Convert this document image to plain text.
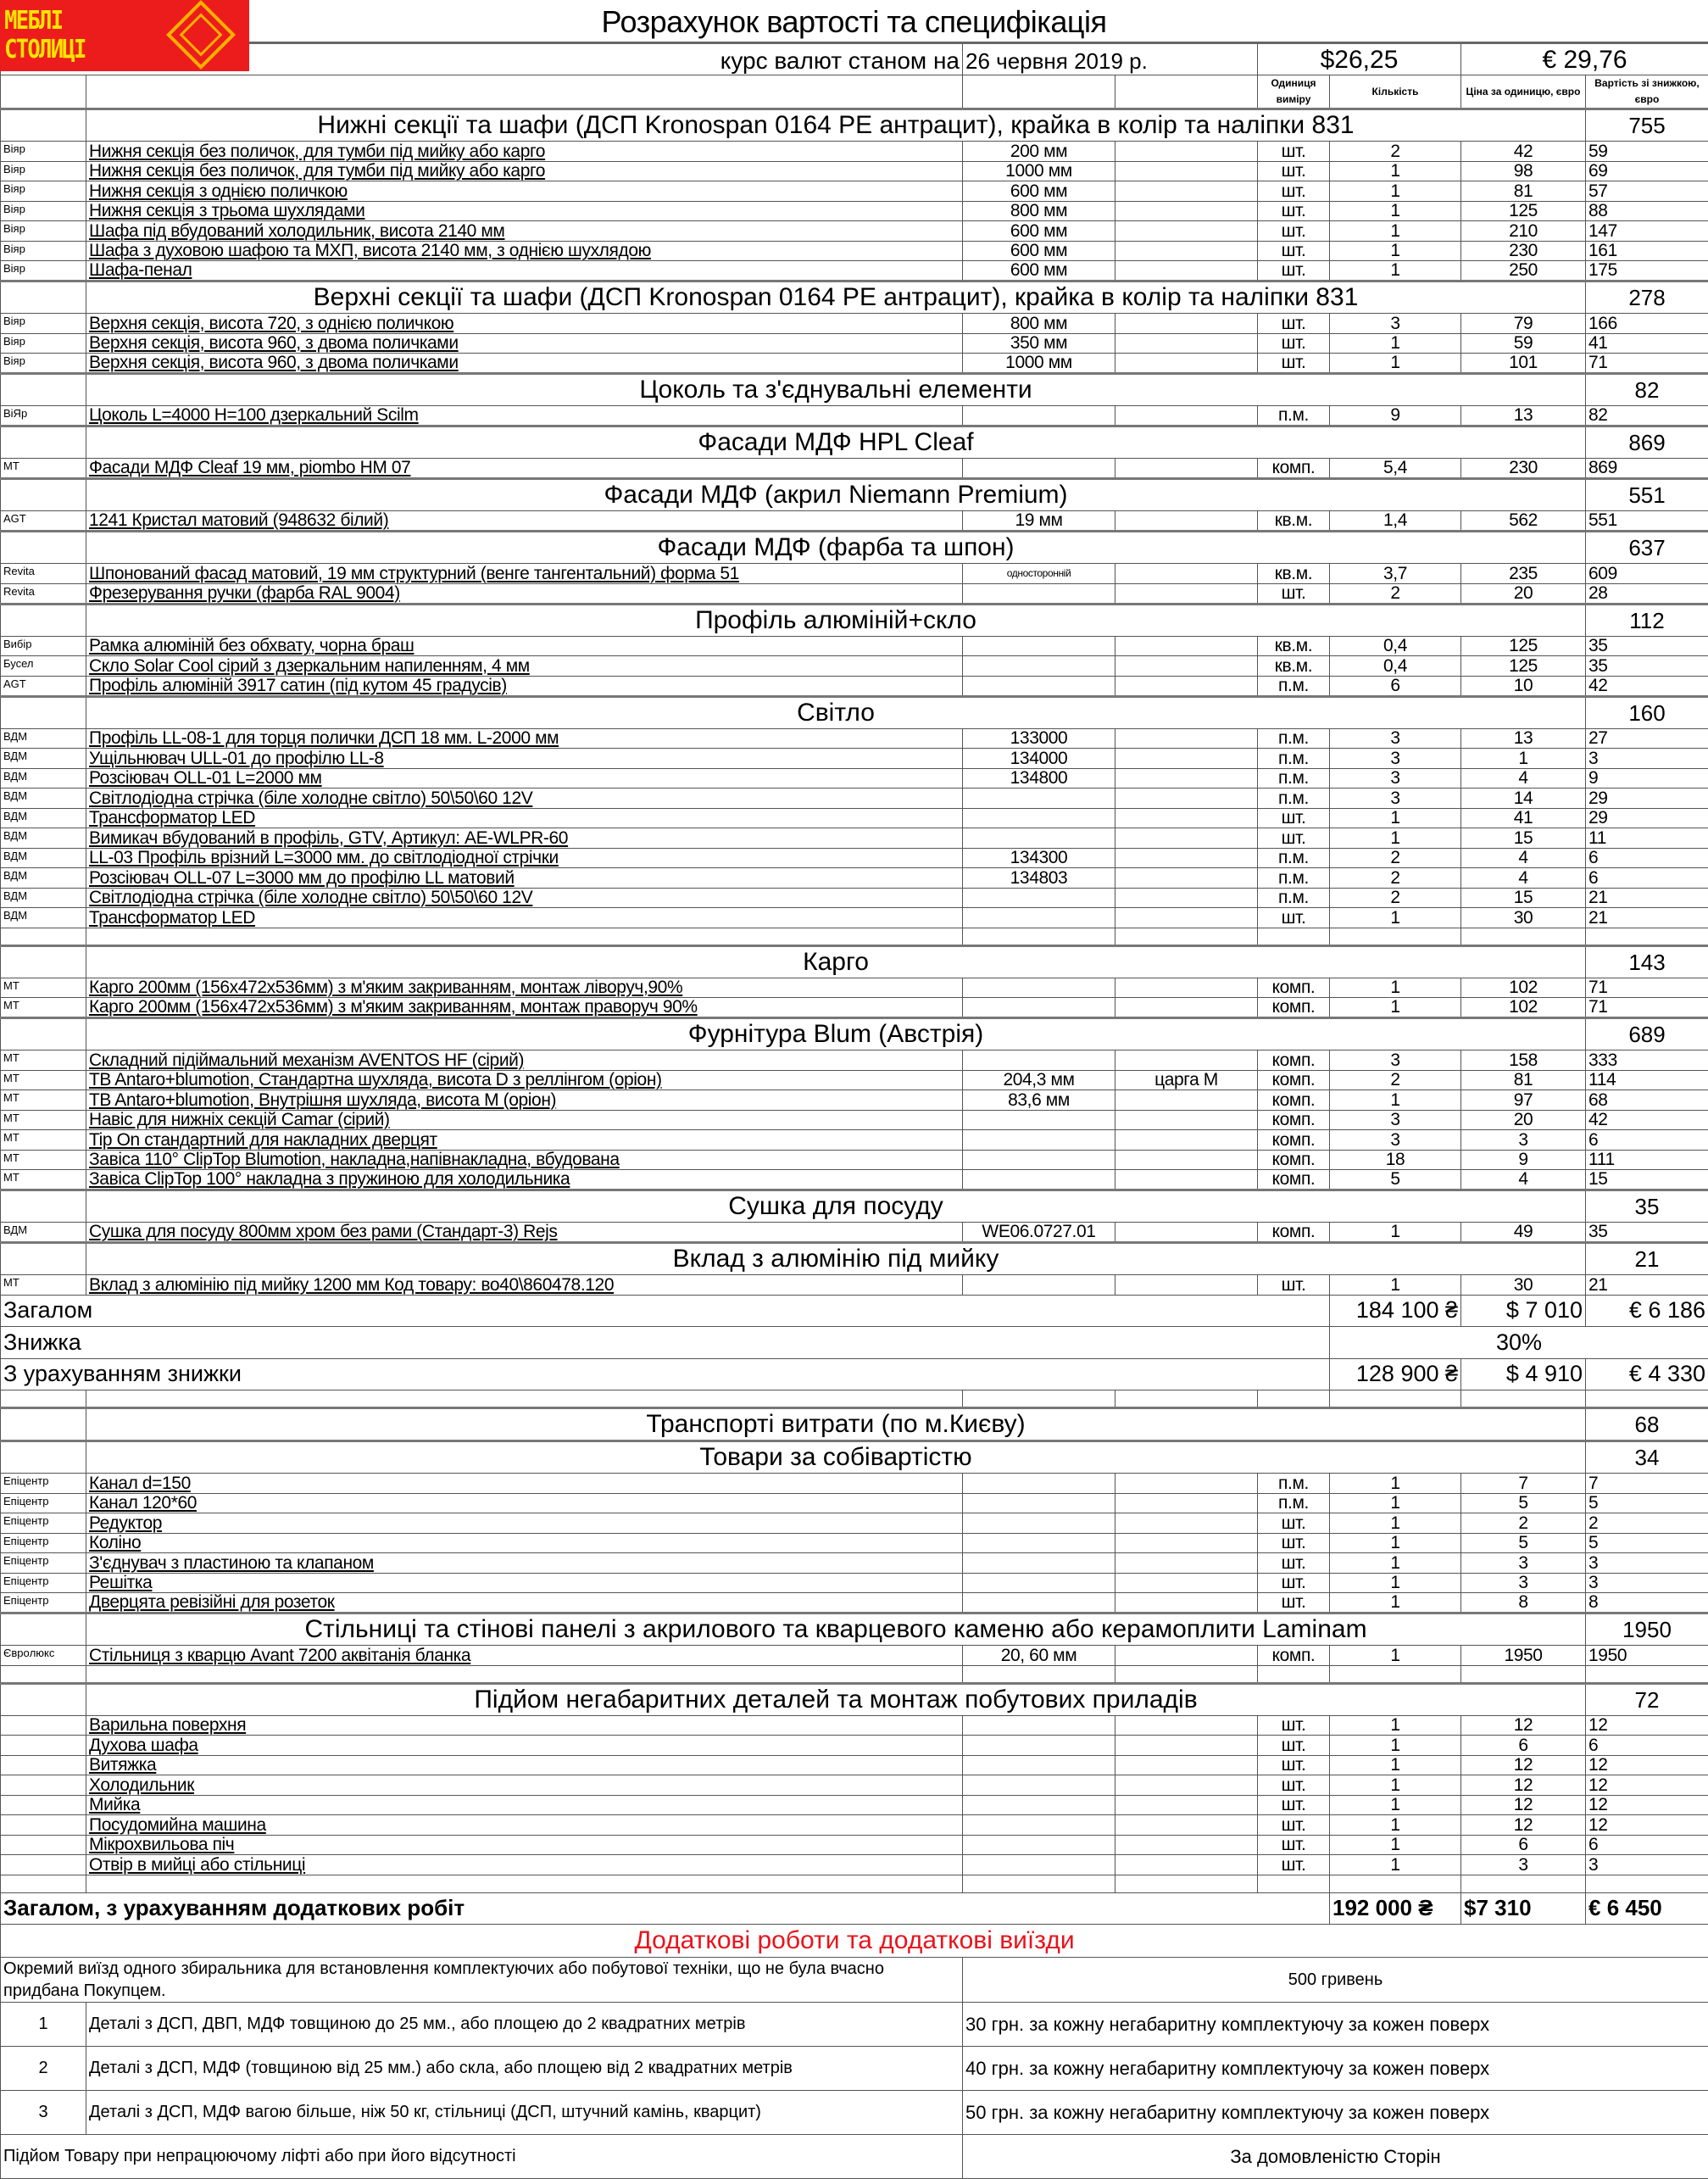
МЕБЛІ
СТОЛИЦІ
Розрахунок вартості та специфікація
курс валют станом на		26 червня 2019 р.		$26,25		€ 29,76	
				Одиниця виміру	Кількість	Ціна за одиницю, євро	Вартість зі знижкою, євро
	Нижні секції та шафи (ДСП Kronospan 0164 PE антрацит), крайка в колір та наліпки 831						755
Віяр	Нижня секція без поличок, для тумби під мийку або карго	200 мм		шт.	2	42	59
Віяр	Нижня секція без поличок, для тумби під мийку або карго	1000 мм		шт.	1	98	69
Віяр	Нижня секція з однією поличкою	600 мм		шт.	1	81	57
Віяр	Нижня секція з трьома шухлядами	800 мм		шт.	1	125	88
Віяр	Шафа під вбудований холодильник, висота 2140 мм	600 мм		шт.	1	210	147
Віяр	Шафа з духовою шафою та МХП, висота 2140 мм, з однією шухлядою	600 мм		шт.	1	230	161
Віяр	Шафа-пенал	600 мм		шт.	1	250	175
	Верхні секції та шафи (ДСП Kronospan 0164 PE антрацит), крайка в колір та наліпки 831						278
Віяр	Верхня секція, висота 720, з однією поличкою	800 мм		шт.	3	79	166
Віяр	Верхня секція, висота 960, з двома поличками	350 мм		шт.	1	59	41
Віяр	Верхня секція, висота 960, з двома поличками	1000 мм		шт.	1	101	71
	Цоколь та з'єднувальні елементи						82
ВіЯр	Цоколь L=4000 H=100 дзеркальний Scilm			п.м.	9	13	82
	Фасади МДФ HPL Cleaf						869
МТ	Фасади МДФ Cleaf 19 мм, piombo HM 07			комп.	5,4	230	869
	Фасади МДФ (акрил Niemann Premium)						551
AGT	1241 Кристал матовий (948632 білий)	19 мм		кв.м.	1,4	562	551
	Фасади МДФ (фарба та шпон)						637
Revita	Шпонований фасад матовий, 19 мм структурний (венге тангентальний) форма 51	односторонній		кв.м.	3,7	235	609
Revita	Фрезерування ручки (фарба RAL 9004)			шт.	2	20	28
	Профіль алюміній+скло						112
Вибір	Рамка алюміній без обхвату, чорна браш			кв.м.	0,4	125	35
Бусел	Скло Solar Cool сірий з дзеркальним напиленням, 4 мм			кв.м.	0,4	125	35
AGT	Профіль алюміній 3917 сатин (під кутом 45 градусів)			п.м.	6	10	42
	Світло						160
ВДМ	Профіль LL-08-1 для торця полички ДСП 18 мм. L-2000 мм	133000		п.м.	3	13	27
ВДМ	Ущільнювач ULL-01 до профілю LL-8	134000		п.м.	3	1	3
ВДМ	Розсіювач OLL-01 L=2000 мм	134800		п.м.	3	4	9
ВДМ	Світлодіодна стрічка (біле холодне світло) 50\50\60 12V			п.м.	3	14	29
ВДМ	Трансформатор LED			шт.	1	41	29
ВДМ	Вимикач вбудований в профіль, GTV, Артикул: AE-WLPR-60			шт.	1	15	11
ВДМ	LL-03 Профіль врізний L=3000 мм. до світлодіодної стрічки	134300		п.м.	2	4	6
ВДМ	Розсіювач OLL-07 L=3000 мм до профілю LL матовий	134803		п.м.	2	4	6
ВДМ	Світлодіодна стрічка (біле холодне світло) 50\50\60 12V			п.м.	2	15	21
ВДМ	Трансформатор LED			шт.	1	30	21

	Карго						143
МТ	Карго 200мм (156x472x536мм) з м'яким закриванням, монтаж ліворуч,90%			комп.	1	102	71
МТ	Карго 200мм (156x472x536мм) з м'яким закриванням, монтаж праворуч 90%			комп.	1	102	71
	Фурнітура Blum (Австрія)						689
МТ	Складний підіймальний механізм AVENTOS HF (сірий)			комп.	3	158	333
МТ	TB Antaro+blumotion, Стандартна шухляда, висота D з реллінгом (оріон)	204,3 мм	царга M	комп.	2	81	114
МТ	TB Antaro+blumotion, Внутрішня шухляда, висота M (оріон)	83,6 мм		комп.	1	97	68
МТ	Навіс для нижніх секцій Camar (сірий)			комп.	3	20	42
МТ	Tip On стандартний для накладних дверцят			комп.	3	3	6
МТ	Завіса 110° ClipTop Blumotion, накладна,напівнакладна, вбудована			комп.	18	9	111
МТ	Завіса ClipTop 100° накладна з пружиною для холодильника			комп.	5	4	15
	Сушка для посуду						35
ВДМ	Сушка для посуду 800мм хром без рами (Стандарт-3) Rejs	WE06.0727.01		комп.	1	49	35
	Вклад з алюмінію під мийку						21
МТ	Вклад з алюмінію під мийку 1200 мм Код товару: во40\860478.120			шт.	1	30	21
Загалом					184 100 ₴	$ 7 010	€ 6 186
Знижка					30%		
З урахуванням знижки					128 900 ₴	$ 4 910	€ 4 330

	Транспорті витрати (по м.Києву)						68
	Товари за собівартістю						34
Епіцентр	Канал d=150			п.м.	1	7	7
Епіцентр	Канал 120*60			п.м.	1	5	5
Епіцентр	Редуктор			шт.	1	2	2
Епіцентр	Коліно			шт.	1	5	5
Епіцентр	З'єднувач з пластиною та клапаном			шт.	1	3	3
Епіцентр	Решітка			шт.	1	3	3
Епіцентр	Дверцята ревізійні для розеток			шт.	1	8	8
	Стільниці та стінові панелі з акрилового та кварцевого каменю або керамоплити Laminam						1950
Єврoлюкс	Стільниця з кварцю Avant 7200 аквітанія бланка	20, 60 мм		комп.	1	1950	1950

	Підйом негабаритних деталей та монтаж побутових приладів						72
	Варильна поверхня			шт.	1	12	12
	Духова шафа			шт.	1	6	6
	Витяжка			шт.	1	12	12
	Холодильник			шт.	1	12	12
	Мийка			шт.	1	12	12
	Посудомийна машина			шт.	1	12	12
	Мікрохвильова піч			шт.	1	6	6
	Отвір в мийці або стільниці			шт.	1	3	3

Загалом, з урахуванням додаткових робіт					192 000 ₴	$7 310	€ 6 450
Додаткові роботи та додаткові виїзди							
Окремий виїзд одного збиральника для встановлення комплектуючих або побутової техніки, що не була вчасно придбана Покупцем.		500 гривень					
1	Деталі з ДСП, ДВП, МДФ товщиною до 25 мм., або площею до 2 квадратних метрів	30 грн. за кожну негабаритну комплектуючу за кожен поверх					
2	Деталі з ДСП, МДФ (товщиною від 25 мм.) або скла, або площею від 2 квадратних метрів	40 грн. за кожну негабаритну комплектуючу за кожен поверх					
3	Деталі з ДСП, МДФ вагою більше, ніж 50 кг, стільниці (ДСП, штучний камінь, кварцит)	50 грн. за кожну негабаритну комплектуючу за кожен поверх					
Підйом Товару при непрацюючому ліфті або при його відсутності		За домовленістю Сторін					
